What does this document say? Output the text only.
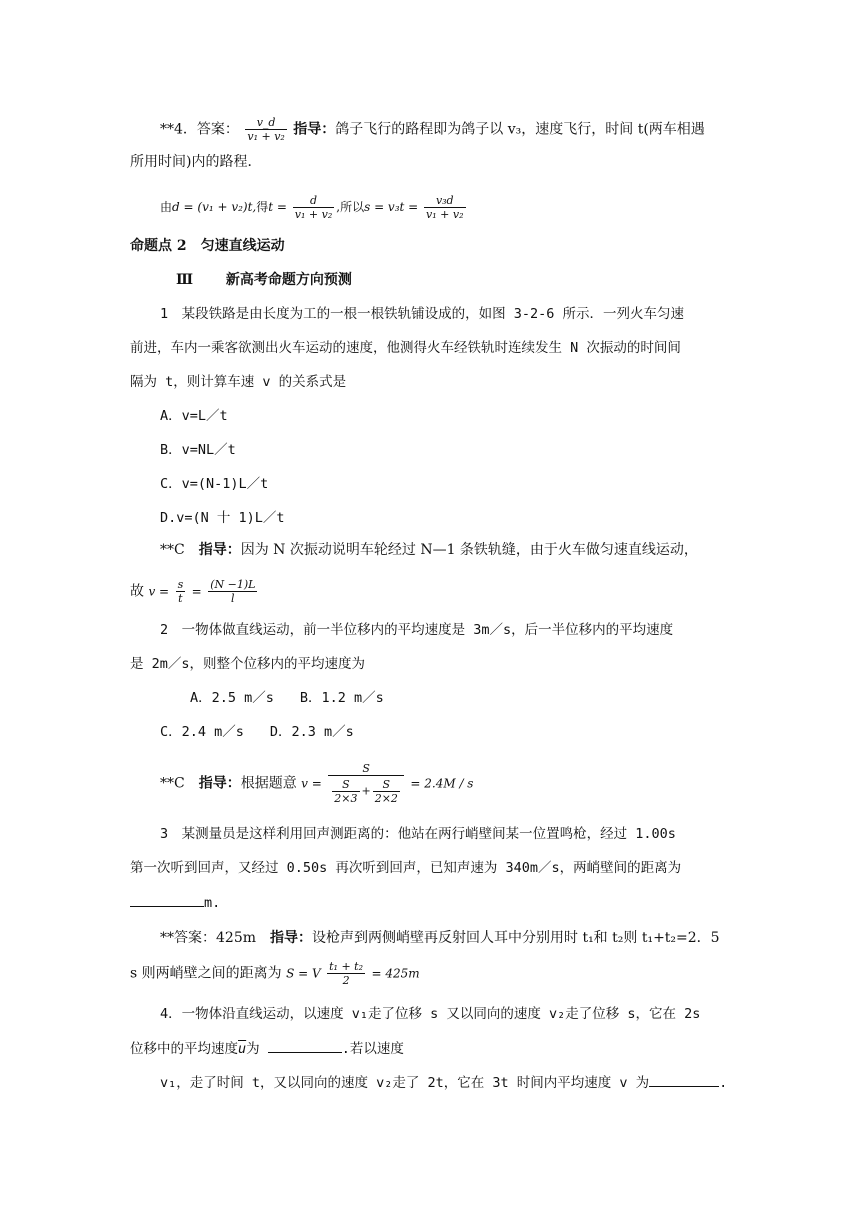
**4．答案： $\frac{v\_d}{\text{v₁ + v₂}}$ 指导：鸽子飞行的路程即为鸽子以 v₃，速度飞行，时间 t(两车相遇
所用时间)内的路程．
由d = (v₁ + v₂)t,得$t = \frac{d}{\text{v₁ + v₂}}$ ,所以$s = v_3t = \frac{\text{v₃d}}{\text{v₁ + v₂}}$
命题点 2　匀速直线运动
Ⅲ　　 新高考命题方向预测
1　某段铁路是由长度为工的一根一根铁轨铺设成的，如图 3-2-6 所示．一列火车匀速
前进，车内一乘客欲测出火车运动的速度，他测得火车经铁轨时连续发生 N 次振动的时间间
隔为 t，则计算车速 v 的关系式是
A．v=L／t
B．v=NL／t
C．v=(N-1)L／t
D.v=(N 十 1)L／t
**C　指导：因为 N 次振动说明车轮经过 N—1 条铁轨缝，由于火车做匀速直线运动，
故 $v = \frac{s}{t} = \frac{(N -1)L}{l}$
2　一物体做直线运动，前一半位移内的平均速度是 3m／s，后一半位移内的平均速度
是 2m／s，则整个位移内的平均速度为
A．2.5 m／s B．1.2 m／s
C．2.4 m／s D．2.3 m／s
**C　指导：根据题意 $v = \frac{S}{\frac{S}{2\times 3} + \frac{S}{2\times 2}} = 2.4M / s$
3　某测量员是这样利用回声测距离的：他站在两行峭壁间某一位置鸣枪，经过 1.00s
第一次听到回声，又经过 0.50s 再次听到回声，已知声速为 340m／s，两峭壁间的距离为
m.
**答案：425m　指导：设枪声到两侧峭壁再反射回人耳中分别用时 t₁和 t₂则 t₁+t₂=2．5
s 则两峭壁之间的距离为 S = V $\frac{\text{t₁ + t₂}}{2} = 425m$
4．一物体沿直线运动，以速度 v₁走了位移 s 又以同向的速度 v₂走了位移 s，它在 2s
位移中的平均速度$\overline{u}$为	.若以速度
v₁，走了时间 t，又以同向的速度 v₂走了 2t，它在 3t 时间内平均速度 v 为	.
